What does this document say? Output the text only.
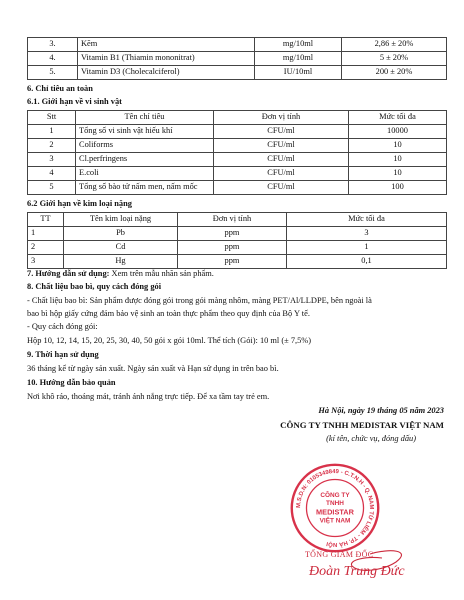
3.	Kẽm	mg/10ml	2,86 ± 20%
4.	Vitamin B1 (Thiamin mononitrat)	mg/10ml	5 ± 20%
5.	Vitamin D3 (Cholecalciferol)	IU/10ml	200 ± 20%
6. Chỉ tiêu an toàn
6.1. Giới hạn về vi sinh vật
Stt	Tên chỉ tiêu	Đơn vị tính	Mức tối đa
1	Tổng số vi sinh vật hiếu khí	CFU/ml	10000
2	Coliforms	CFU/ml	10
3	Cl.perfringens	CFU/ml	10
4	E.coli	CFU/ml	10
5	Tổng số bào tử nấm men, nấm mốc	CFU/ml	100
6.2 Giới hạn về kim loại nặng
TT	Tên kim loại nặng	Đơn vị tính	Mức tối đa
1	Pb	ppm	3
2	Cd	ppm	1
3	Hg	ppm	0,1
7. Hướng dẫn sử dụng: Xem trên mẫu nhãn sản phẩm.
8. Chất liệu bao bì, quy cách đóng gói
- Chất liệu bao bì: Sản phẩm được đóng gói trong gói màng nhôm, màng PET/Al/LLDPE, bên ngoài là
bao bì hộp giấy cứng đảm bảo vệ sinh an toàn thực phẩm theo quy định của Bộ Y tế.
- Quy cách đóng gói:
Hộp 10, 12, 14, 15, 20, 25, 30, 40, 50 gói x gói 10ml. Thể tích (Gói): 10 ml (± 7,5%)
9. Thời hạn sử dụng
36 tháng kể từ ngày sản xuất. Ngày sản xuất và Hạn sử dụng in trên bao bì.
10. Hướng dẫn bảo quản
Nơi khô ráo, thoáng mát, tránh ánh nắng trực tiếp. Để xa tầm tay trẻ em.
Hà Nội, ngày 19 tháng 05 năm 2023
CÔNG TY TNHH MEDISTAR VIỆT NAM
(kí tên, chức vụ, đóng dấu)
M.S.D.N: 0105349849 - C.T.N.H - Q. NAM TỪ LIÊM - TP. HÀ NỘI
CÔNG TY
TNHH
MEDISTAR
VIỆT NAM
TỔNG GIÁM ĐỐC
Đoàn Trung Đức
